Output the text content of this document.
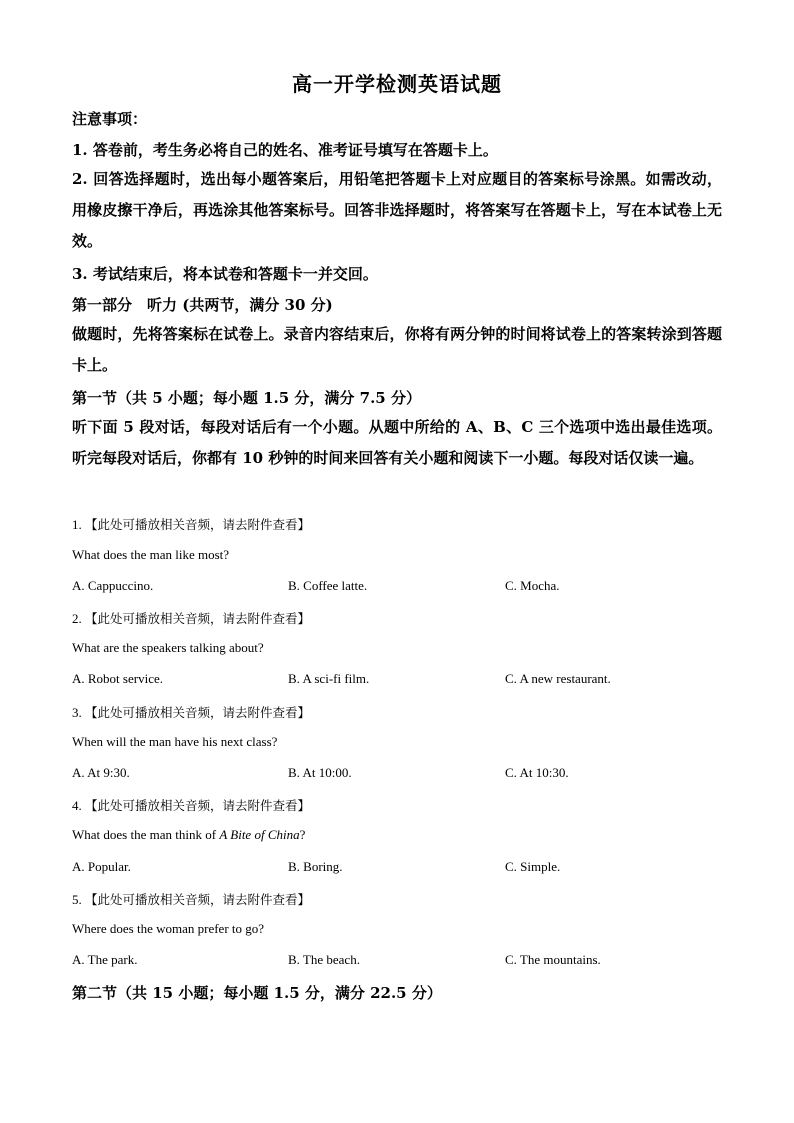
高一开学检测英语试题
注意事项：
1. 答卷前，考生务必将自己的姓名、准考证号填写在答题卡上。
2. 回答选择题时，选出每小题答案后，用铅笔把答题卡上对应题目的答案标号涂黑。如需改动，用橡皮擦干净后，再选涂其他答案标号。回答非选择题时，将答案写在答题卡上，写在本试卷上无效。
3. 考试结束后，将本试卷和答题卡一并交回。
第一部分　听力 (共两节，满分 30 分)
做题时，先将答案标在试卷上。录音内容结束后，你将有两分钟的时间将试卷上的答案转涂到答题卡上。
第一节（共 5 小题；每小题 1.5 分，满分 7.5 分）
听下面 5 段对话，每段对话后有一个小题。从题中所给的 A、B、C 三个选项中选出最佳选项。听完每段对话后，你都有 10 秒钟的时间来回答有关小题和阅读下一小题。每段对话仅读一遍。
1. 【此处可播放相关音频，请去附件查看】
What does the man like most?
A. Cappuccino.	B. Coffee latte.	C. Mocha.
2. 【此处可播放相关音频，请去附件查看】
What are the speakers talking about?
A. Robot service.	B. A sci-fi film.	C. A new restaurant.
3. 【此处可播放相关音频，请去附件查看】
When will the man have his next class?
A. At 9:30.	B. At 10:00.	C. At 10:30.
4. 【此处可播放相关音频，请去附件查看】
What does the man think of A Bite of China?
A. Popular.	B. Boring.	C. Simple.
5. 【此处可播放相关音频，请去附件查看】
Where does the woman prefer to go?
A. The park.	B. The beach.	C. The mountains.
第二节（共 15 小题；每小题 1.5 分，满分 22.5 分）
